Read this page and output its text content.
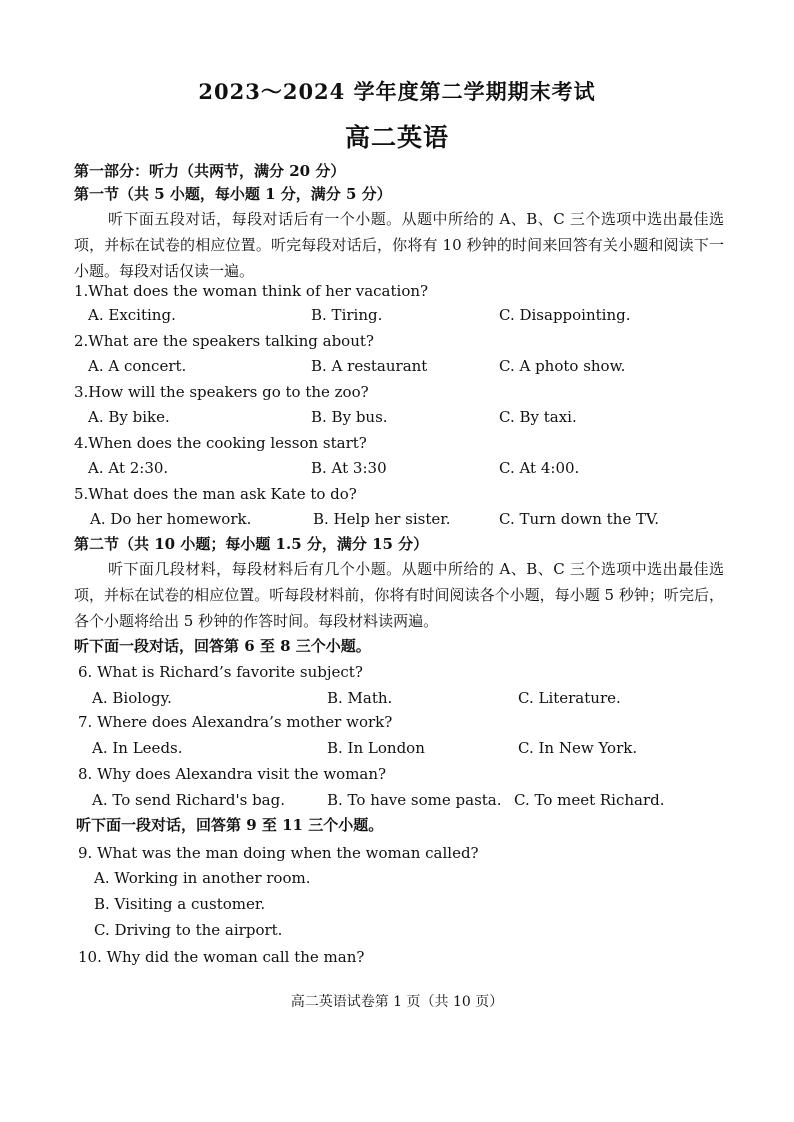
2023～2024 学年度第二学期期末考试
高二英语
第一部分：听力（共两节，满分 20 分）
第一节（共 5 小题，每小题 1 分，满分 5 分）
听下面五段对话，每段对话后有一个小题。从题中所给的 A、B、C 三个选项中选出最佳选项，并标在试卷的相应位置。听完每段对话后，你将有 10 秒钟的时间来回答有关小题和阅读下一小题。每段对话仅读一遍。
1.What does the woman think of her vacation?
A. Exciting.	B. Tiring.	C. Disappointing.
2.What are the speakers talking about?
A. A concert.	B. A restaurant	C. A photo show.
3.How will the speakers go to the zoo?
A. By bike.	B. By bus.	C. By taxi.
4.When does the cooking lesson start?
A. At 2:30.	B. At 3:30	C. At 4:00.
5.What does the man ask Kate to do?
A. Do her homework.	B. Help her sister.	C. Turn down the TV.
第二节（共 10 小题；每小题 1.5 分，满分 15 分）
听下面几段材料，每段材料后有几个小题。从题中所给的 A、B、C 三个选项中选出最佳选项，并标在试卷的相应位置。听每段材料前，你将有时间阅读各个小题，每小题 5 秒钟；听完后，各个小题将给出 5 秒钟的作答时间。每段材料读两遍。
听下面一段对话，回答第 6 至 8 三个小题。
6. What is Richard’s favorite subject?
A. Biology.	B. Math.	C. Literature.
7. Where does Alexandra’s mother work?
A. In Leeds.	B. In London	C. In New York.
8. Why does Alexandra visit the woman?
A. To send Richard's bag.	B. To have some pasta. C. To meet Richard.
听下面一段对话，回答第 9 至 11 三个小题。
9. What was the man doing when the woman called?
A. Working in another room.
B. Visiting a customer.
C. Driving to the airport.
10. Why did the woman call the man?
高二英语试卷第 1 页（共 10 页）
